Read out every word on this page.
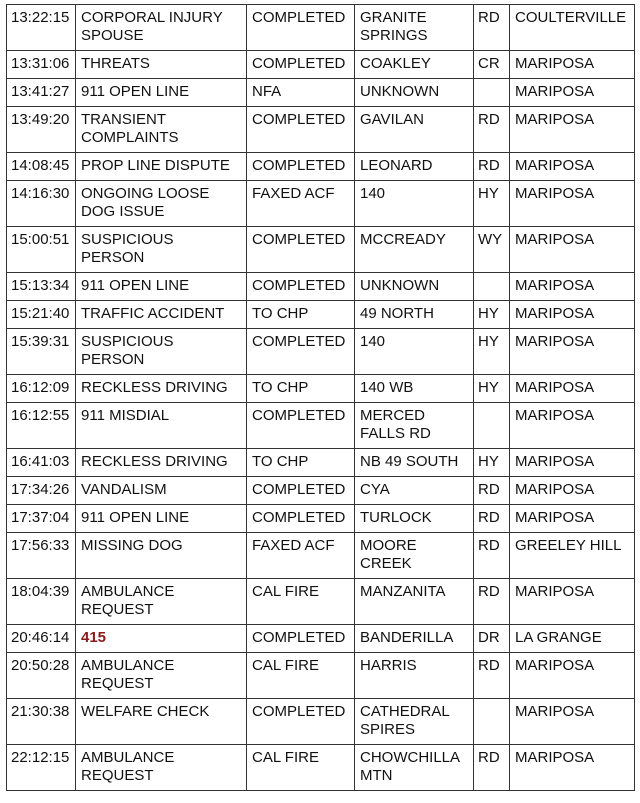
13:22:15	CORPORAL INJURY
SPOUSE	COMPLETED	GRANITE
SPRINGS	RD	COULTERVILLE
13:31:06	THREATS	COMPLETED	COAKLEY	CR	MARIPOSA
13:41:27	911 OPEN LINE	NFA	UNKNOWN		MARIPOSA
13:49:20	TRANSIENT
COMPLAINTS	COMPLETED	GAVILAN	RD	MARIPOSA
14:08:45	PROP LINE DISPUTE	COMPLETED	LEONARD	RD	MARIPOSA
14:16:30	ONGOING LOOSE
DOG ISSUE	FAXED ACF	140	HY	MARIPOSA
15:00:51	SUSPICIOUS
PERSON	COMPLETED	MCCREADY	WY	MARIPOSA
15:13:34	911 OPEN LINE	COMPLETED	UNKNOWN		MARIPOSA
15:21:40	TRAFFIC ACCIDENT	TO CHP	49 NORTH	HY	MARIPOSA
15:39:31	SUSPICIOUS
PERSON	COMPLETED	140	HY	MARIPOSA
16:12:09	RECKLESS DRIVING	TO CHP	140 WB	HY	MARIPOSA
16:12:55	911 MISDIAL	COMPLETED	MERCED
FALLS RD		MARIPOSA
16:41:03	RECKLESS DRIVING	TO CHP	NB 49 SOUTH	HY	MARIPOSA
17:34:26	VANDALISM	COMPLETED	CYA	RD	MARIPOSA
17:37:04	911 OPEN LINE	COMPLETED	TURLOCK	RD	MARIPOSA
17:56:33	MISSING DOG	FAXED ACF	MOORE
CREEK	RD	GREELEY HILL
18:04:39	AMBULANCE
REQUEST	CAL FIRE	MANZANITA	RD	MARIPOSA
20:46:14	415	COMPLETED	BANDERILLA	DR	LA GRANGE
20:50:28	AMBULANCE
REQUEST	CAL FIRE	HARRIS	RD	MARIPOSA
21:30:38	WELFARE CHECK	COMPLETED	CATHEDRAL
SPIRES		MARIPOSA
22:12:15	AMBULANCE
REQUEST	CAL FIRE	CHOWCHILLA
MTN	RD	MARIPOSA
